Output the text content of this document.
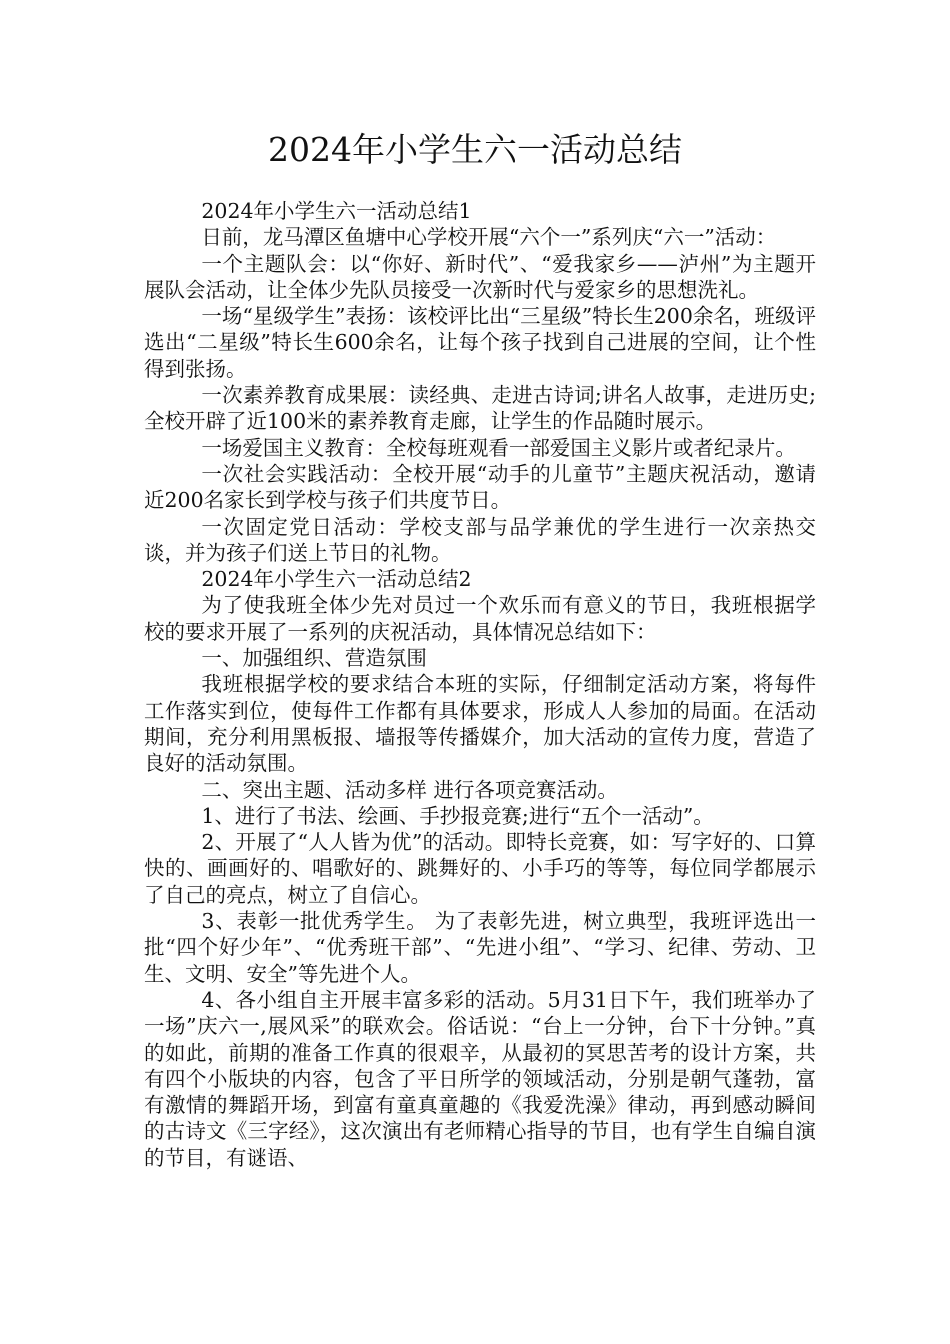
2024年小学生六一活动总结

2024年小学生六一活动总结1

日前，龙马潭区鱼塘中心学校开展“六个一”系列庆“六一”活动：

一个主题队会：以“你好、新时代”、“爱我家乡——泸州”为主题开展队会活动，让全体少先队员接受一次新时代与爱家乡的思想洗礼。

一场“星级学生”表扬：该校评比出“三星级”特长生200余名，班级评选出“二星级”特长生600余名，让每个孩子找到自己进展的空间，让个性得到张扬。

一次素养教育成果展：读经典、走进古诗词;讲名人故事，走进历史;全校开辟了近100米的素养教育走廊，让学生的作品随时展示。

一场爱国主义教育：全校每班观看一部爱国主义影片或者纪录片。

一次社会实践活动：全校开展“动手的儿童节”主题庆祝活动，邀请近200名家长到学校与孩子们共度节日。

一次固定党日活动：学校支部与品学兼优的学生进行一次亲热交谈，并为孩子们送上节日的礼物。

2024年小学生六一活动总结2

为了使我班全体少先对员过一个欢乐而有意义的节日，我班根据学校的要求开展了一系列的庆祝活动，具体情况总结如下：

一、加强组织、营造氛围

我班根据学校的要求结合本班的实际，仔细制定活动方案，将每件工作落实到位，使每件工作都有具体要求，形成人人参加的局面。在活动期间，充分利用黑板报、墙报等传播媒介，加大活动的宣传力度，营造了良好的活动氛围。

二、突出主题、活动多样 进行各项竞赛活动。

1、进行了书法、绘画、手抄报竞赛;进行“五个一活动”。

2、开展了“人人皆为优”的活动。即特长竞赛，如：写字好的、口算快的、画画好的、唱歌好的、跳舞好的、小手巧的等等，每位同学都展示了自己的亮点，树立了自信心。

3、表彰一批优秀学生。 为了表彰先进，树立典型，我班评选出一批“四个好少年”、“优秀班干部”、“先进小组”、“学习、纪律、劳动、卫生、文明、安全”等先进个人。

4、各小组自主开展丰富多彩的活动。5月31日下午，我们班举办了一场”庆六一,展风采”的联欢会。俗话说：“台上一分钟，台下十分钟。”真的如此，前期的准备工作真的很艰辛，从最初的冥思苦考的设计方案，共有四个小版块的内容，包含了平日所学的领域活动，分别是朝气蓬勃，富有激情的舞蹈开场，到富有童真童趣的《我爱洗澡》律动，再到感动瞬间的古诗文《三字经》，这次演出有老师精心指导的节目，也有学生自编自演的节目，有谜语、
